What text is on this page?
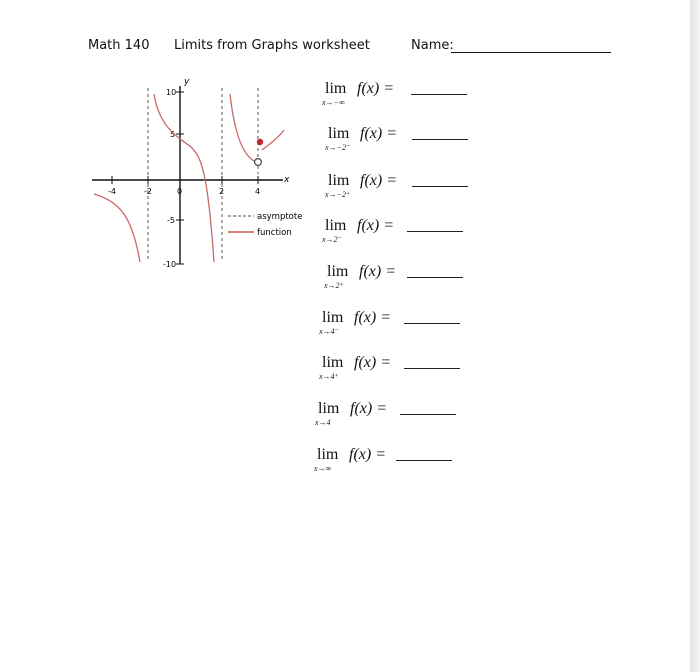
Math 140 Limits from Graphs worksheet	Name:
y
x
-4	-2	0	2	4
10
5
-5
-10
asymptote
function
lim f(x) =
x→−∞
lim f(x) =
x→−2⁻
lim f(x) =
x→−2⁺
lim f(x) =
x→2⁻
lim f(x) =
x→2⁺
lim f(x) =
x→4⁻
lim f(x) =
x→4⁺
lim f(x) =
x→4
lim f(x) =
x→∞
